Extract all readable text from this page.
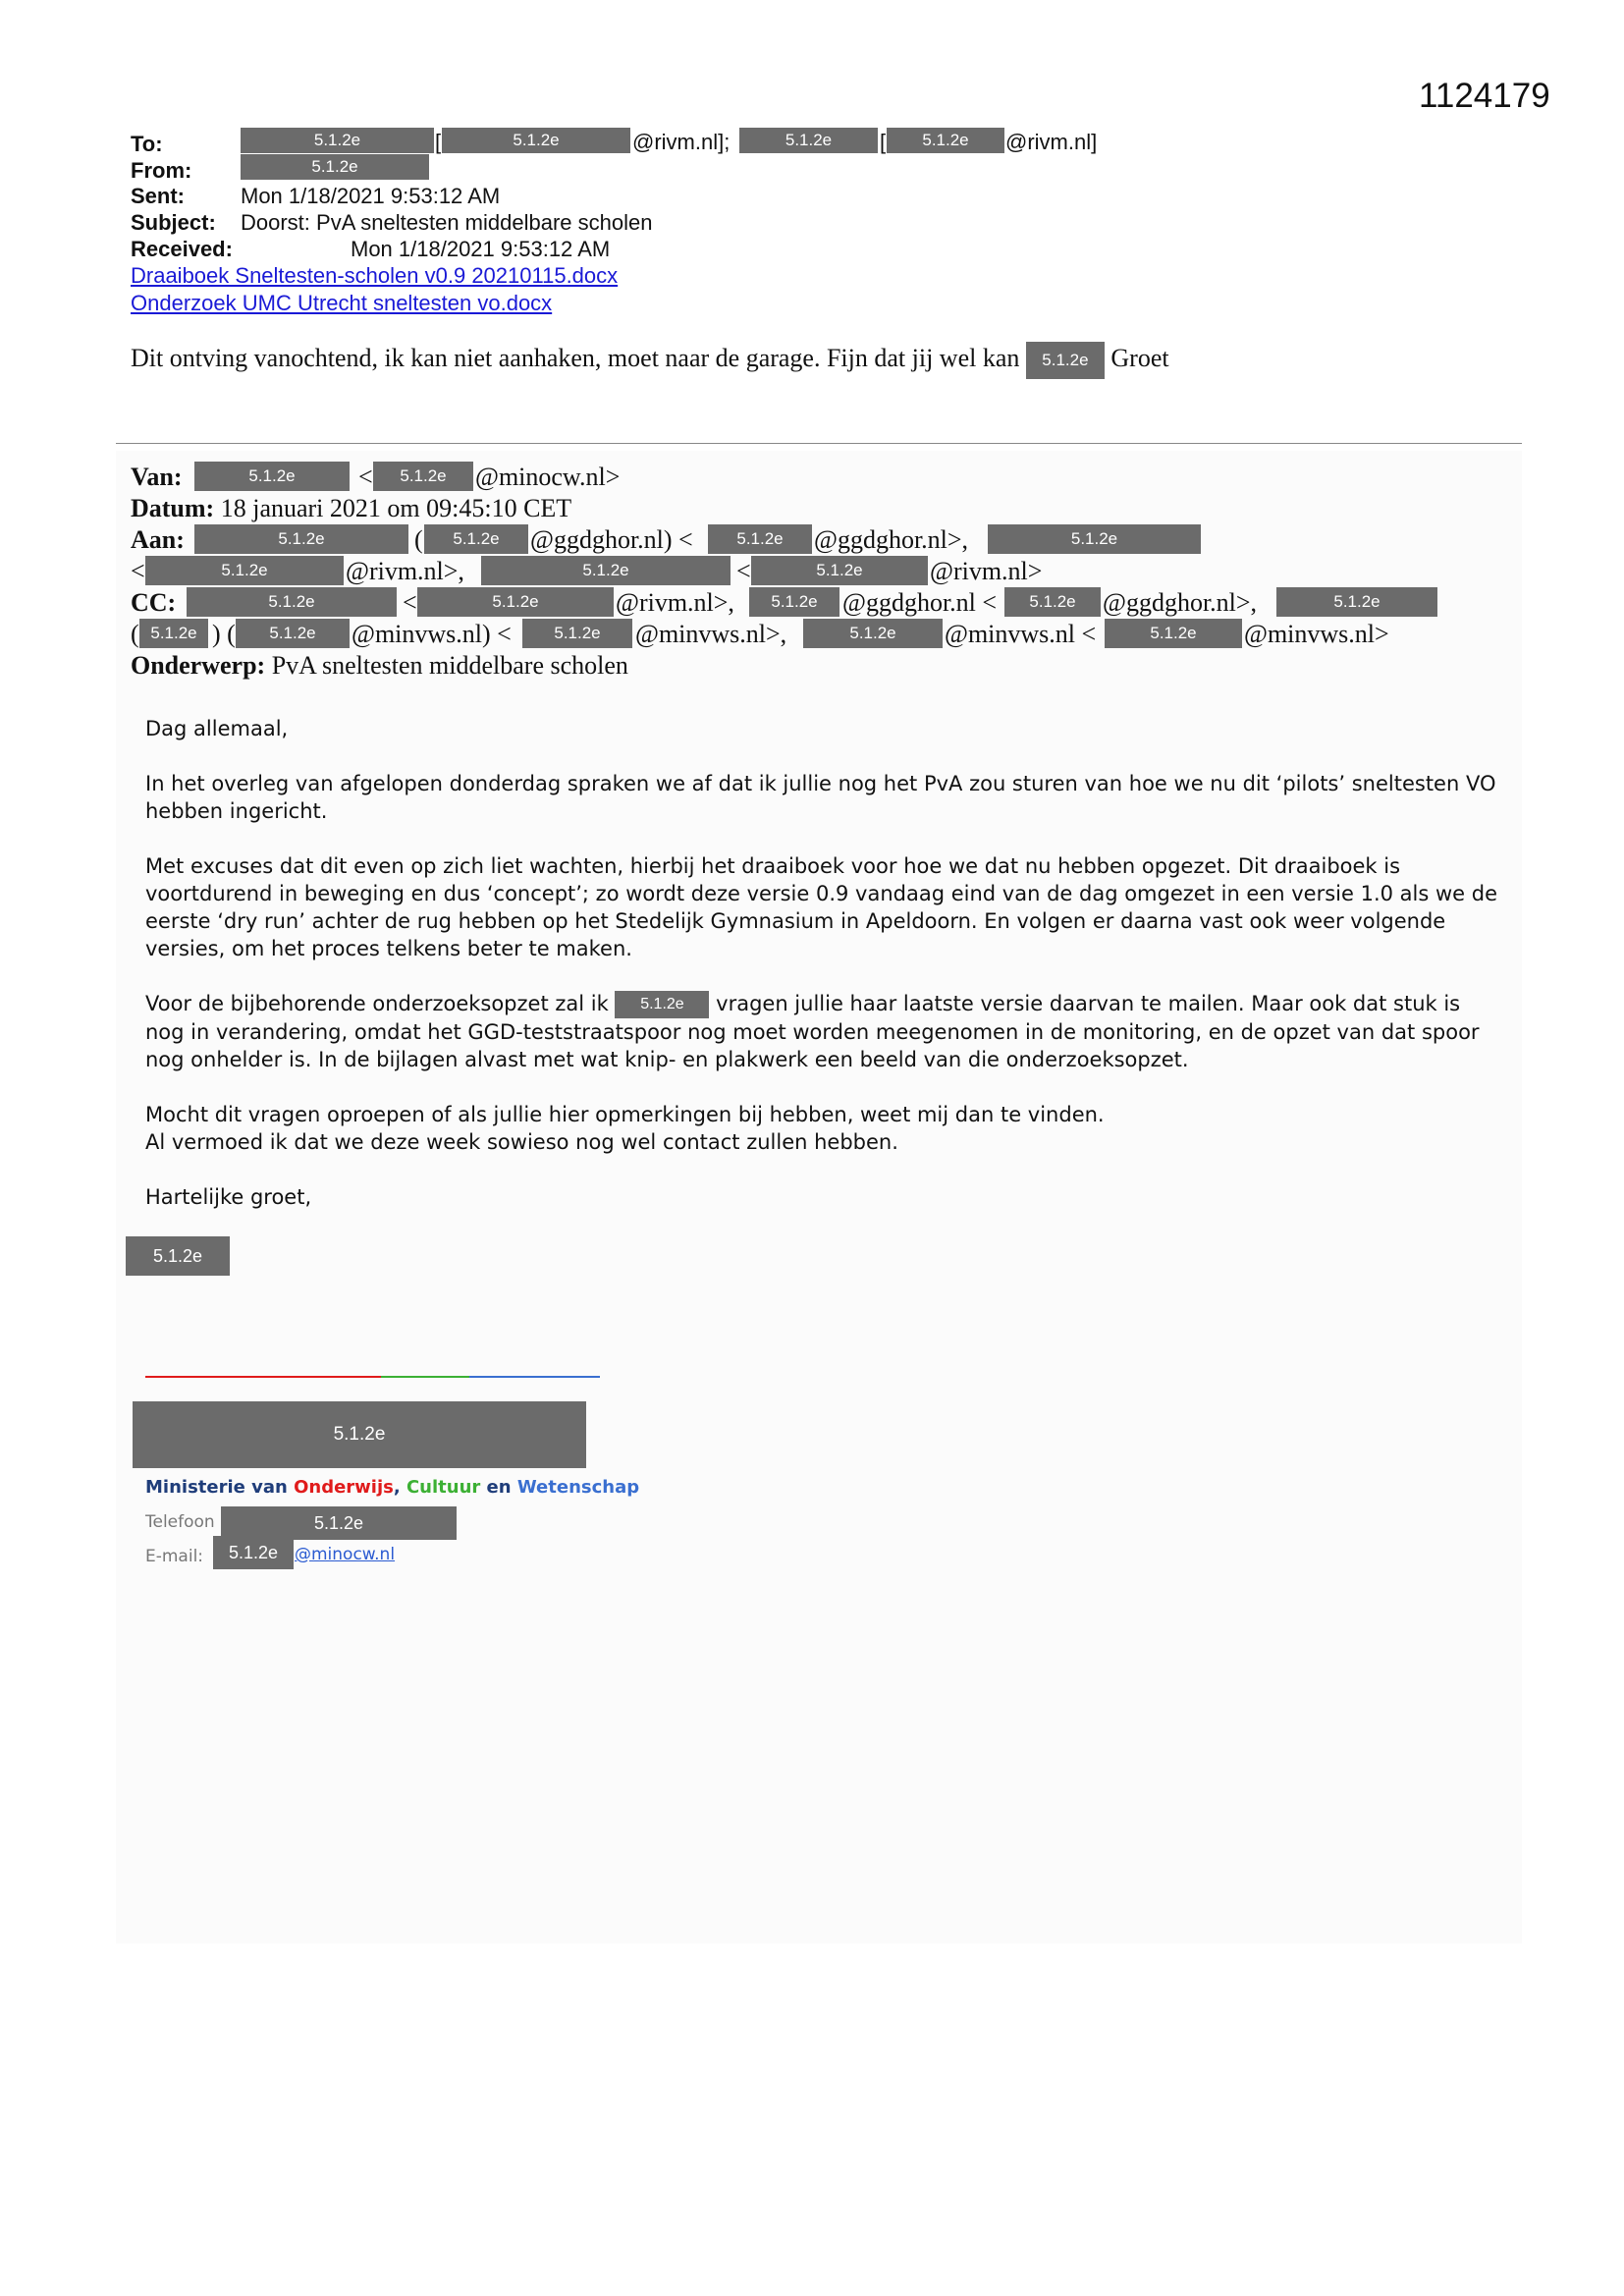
1124179
To:	5.1.2e	[	5.1.2e	@rivm.nl];	5.1.2e	[	5.1.2e	@rivm.nl]
From:	5.1.2e
Sent:	Mon 1/18/2021 9:53:12 AM
Subject: Doorst: PvA sneltesten middelbare scholen
Received:	Mon 1/18/2021 9:53:12 AM
Draaiboek Sneltesten-scholen v0.9 20210115.docx
Onderzoek UMC Utrecht sneltesten vo.docx
Dit ontving vanochtend, ik kan niet aanhaken, moet naar de garage. Fijn dat jij wel kan 5.1.2e Groet
Van:	5.1.2e	<	5.1.2e	@minocw.nl>
Datum: 18 januari 2021 om 09:45:10 CET
Aan:	5.1.2e	(	5.1.2e	@ggdghor.nl) <	5.1.2e	@ggdghor.nl>,	5.1.2e
<	5.1.2e	@rivm.nl>,	5.1.2e	<	5.1.2e	@rivm.nl>
CC:	5.1.2e	<	5.1.2e	@rivm.nl>,	5.1.2e @ggdghor.nl <	5.1.2e	@ggdghor.nl>,	5.1.2e
( 5.1.2e ) (	5.1.2e	@minvws.nl) <	5.1.2e	@minvws.nl>,	5.1.2e	@minvws.nl <	5.1.2e	@minvws.nl>
Onderwerp: PvA sneltesten middelbare scholen

Dag allemaal,

In het overleg van afgelopen donderdag spraken we af dat ik jullie nog het PvA zou sturen van hoe we nu dit ‘pilots’ sneltesten VO hebben ingericht.

Met excuses dat dit even op zich liet wachten, hierbij het draaiboek voor hoe we dat nu hebben opgezet. Dit draaiboek is voortdurend in beweging en dus ‘concept’; zo wordt deze versie 0.9 vandaag eind van de dag omgezet in een versie 1.0 als we de eerste ‘dry run’ achter de rug hebben op het Stedelijk Gymnasium in Apeldoorn. En volgen er daarna vast ook weer volgende versies, om het proces telkens beter te maken.

Voor de bijbehorende onderzoeksopzet zal ik 5.1.2e vragen jullie haar laatste versie daarvan te mailen. Maar ook dat stuk is nog in verandering, omdat het GGD-teststraatspoor nog moet worden meegenomen in de monitoring, en de opzet van dat spoor nog onhelder is. In de bijlagen alvast met wat knip- en plakwerk een beeld van die onderzoeksopzet.

Mocht dit vragen oproepen of als jullie hier opmerkingen bij hebben, weet mij dan te vinden.
Al vermoed ik dat we deze week sowieso nog wel contact zullen hebben.

Hartelijke groet,

5.1.2e
5.1.2e
Ministerie van Onderwijs, Cultuur en Wetenschap
Telefoon	5.1.2e
E-mail:	5.1.2e @minocw.nl
